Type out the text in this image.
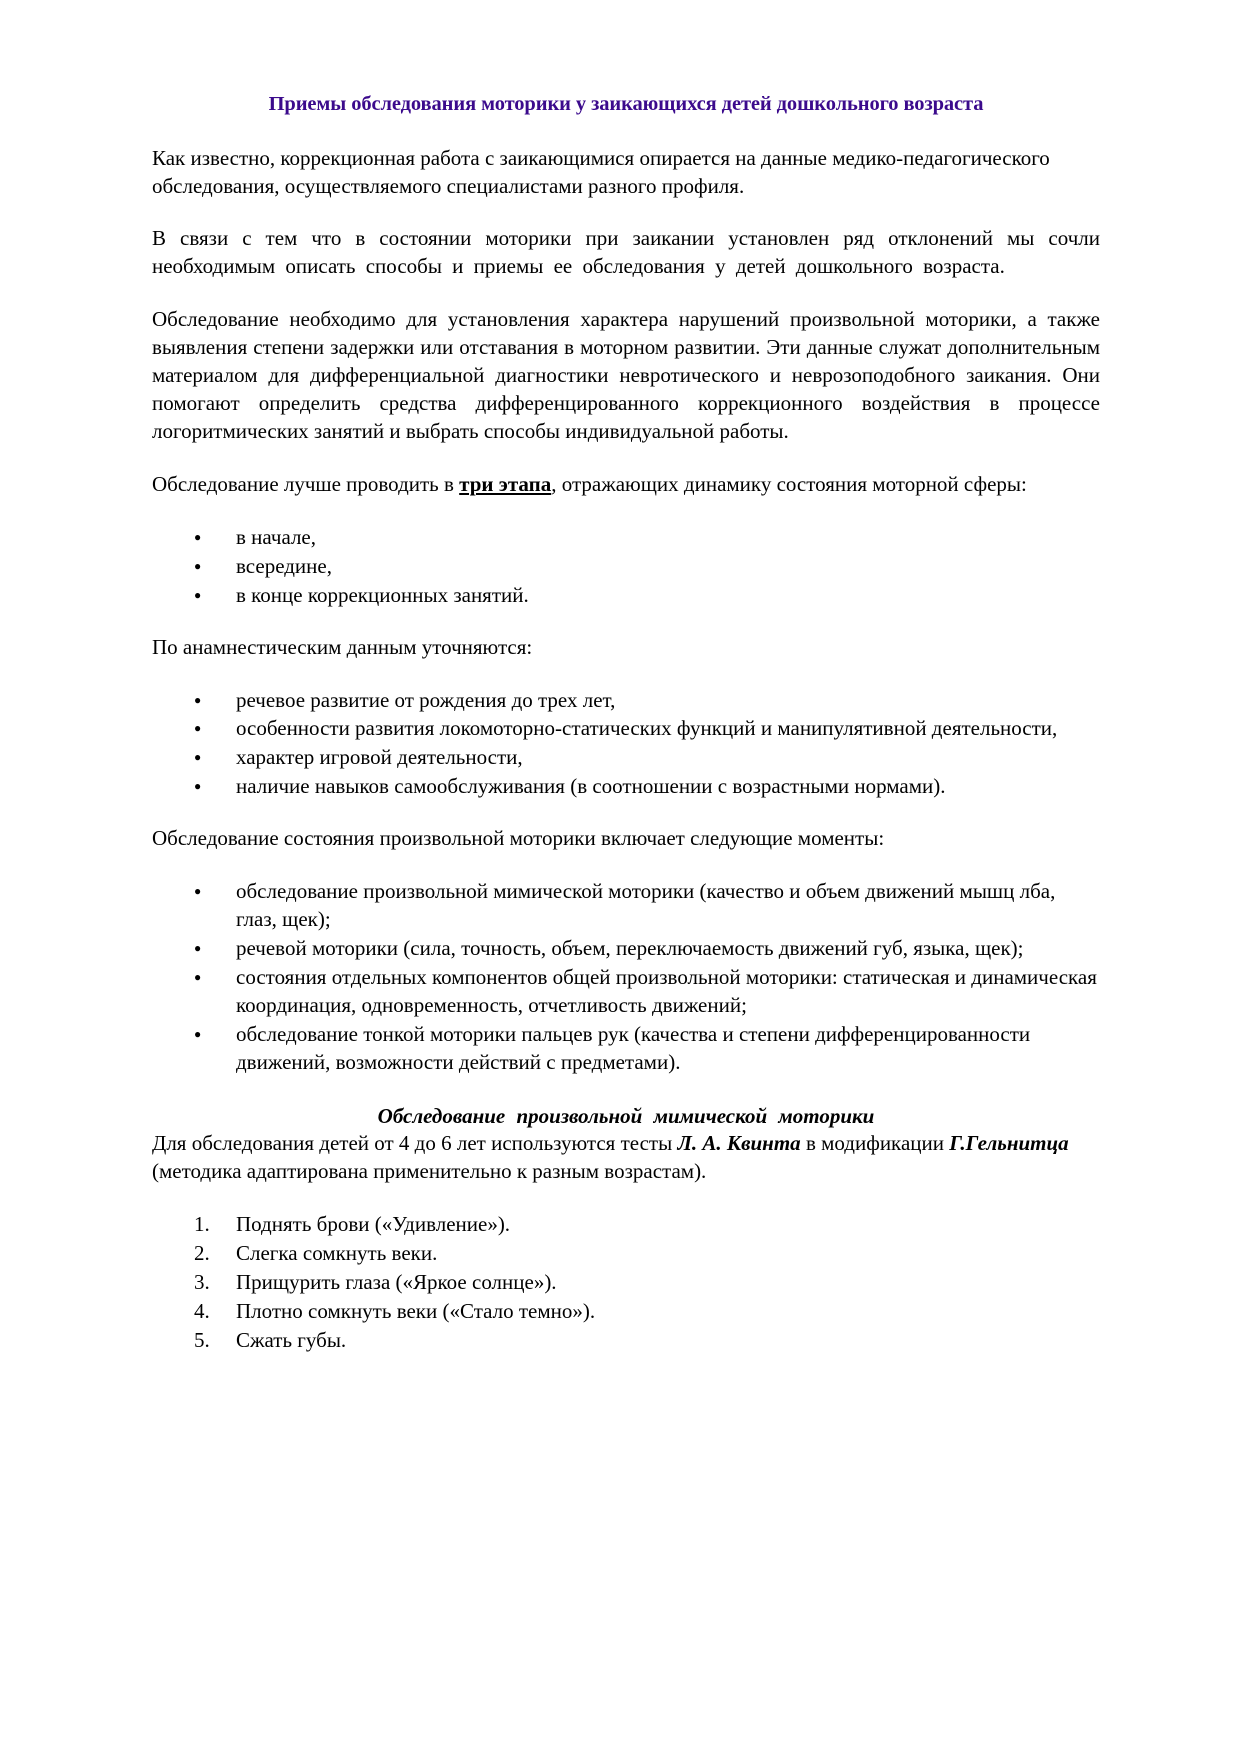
Приемы обследования моторики у заикающихся детей дошкольного возраста

Как известно, коррекционная работа с заикающимися опирается на данные медико-педагогического обследования, осуществляемого специалистами разного профиля.

В связи с тем что в состоянии моторики при заикании установлен ряд отклонений мы сочли необходимым описать способы и приемы ее обследования у детей дошкольного возраста.

Обследование необходимо для установления характера нарушений произвольной моторики, а также выявления степени задержки или отставания в моторном развитии. Эти данные служат дополнительным материалом для дифференциальной диагностики невротического и неврозоподобного заикания. Они помогают определить средства дифференцированного коррекционного воздействия в процессе логоритмических занятий и выбрать способы индивидуальной работы.

Обследование лучше проводить в три этапа, отражающих динамику состояния моторной сферы:

● в начале,
● всередине,
● в конце коррекционных занятий.

По анамнестическим данным уточняются:

● речевое развитие от рождения до трех лет,
● особенности развития локомоторно-статических функций и манипулятивной деятельности,
● характер игровой деятельности,
● наличие навыков самообслуживания (в соотношении с возрастными нормами).

Обследование состояния произвольной моторики включает следующие моменты:

● обследование произвольной мимической моторики (качество и объем движений мышц лба, глаз, щек);
● речевой моторики (сила, точность, объем, переключаемость движений губ, языка, щек);
● состояния отдельных компонентов общей произвольной моторики: статическая и динамическая координация, одновременность, отчетливость движений;
● обследование тонкой моторики пальцев рук (качества и степени дифференцированности движений, возможности действий с предметами).

Обследование произвольной мимической моторики

Для обследования детей от 4 до 6 лет используются тесты Л. А. Квинта в модификации Г.Гельнитца (методика адаптирована применительно к разным возрастам).

Поднять брови («Удивление»).
Слегка сомкнуть веки.
Прищурить глаза («Яркое солнце»).
Плотно сомкнуть веки («Стало темно»).
Сжать губы.
